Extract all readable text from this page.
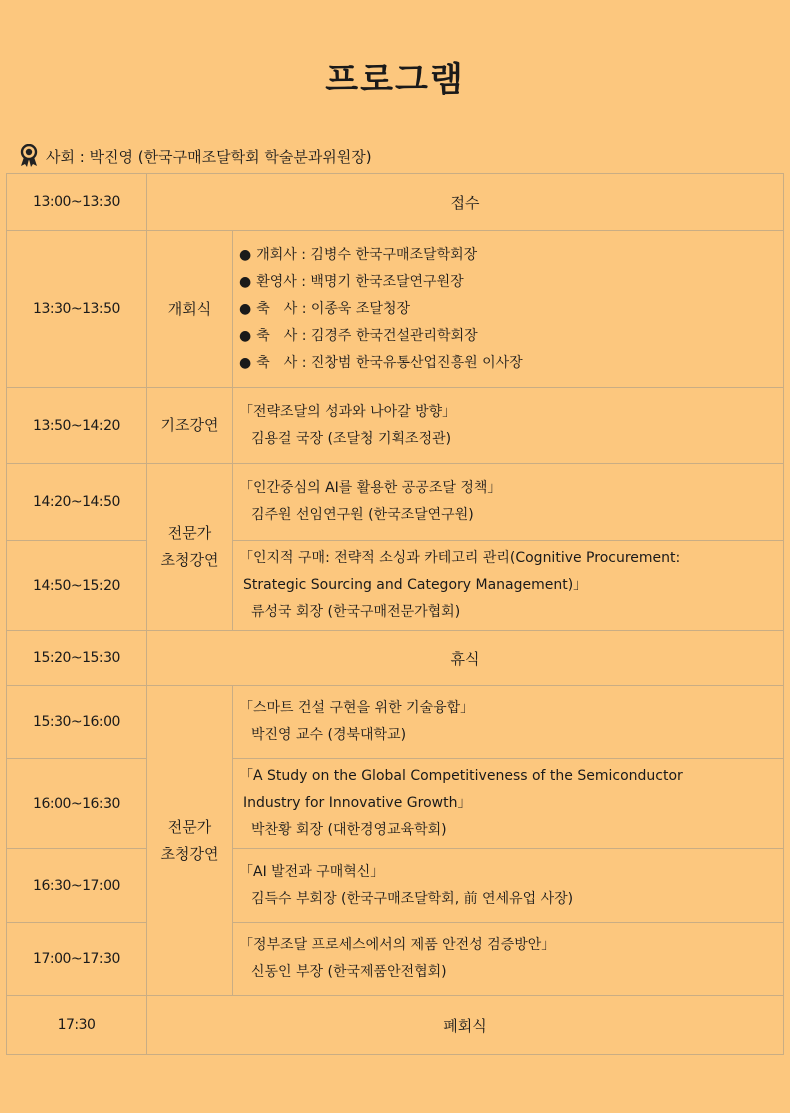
프로그램
사회 : 박진영 (한국구매조달학회 학술분과위원장)
13:00~13:30	접수	
13:30~13:50	개회식	● 개회사 : 김병수 한국구매조달학회장
● 환영사 : 백명기 한국조달연구원장
● 축　사 : 이종욱 조달청장
● 축　사 : 김경주 한국건설관리학회장
● 축　사 : 진창범 한국유통산업진흥원 이사장

13:50~14:20	기조강연	「전략조달의 성과와 나아갈 방향」
김용걸 국장 (조달청 기획조정관)

14:20~14:50	전문가
초청강연	「인간중심의 AI를 활용한 공공조달 정책」
김주원 선임연구원 (한국조달연구원)

14:50~15:20		「인지적 구매: 전략적 소싱과 카테고리 관리(Cognitive Procurement:
Strategic Sourcing and Category Management)」
류성국 회장 (한국구매전문가협회)

15:20~15:30	휴식	
15:30~16:00	전문가
초청강연	「스마트 건설 구현을 위한 기술융합」
박진영 교수 (경북대학교)

16:00~16:30		「A Study on the Global Competitiveness of the Semiconductor
Industry for Innovative Growth」
박찬황 회장 (대한경영교육학회)

16:30~17:00		「AI 발전과 구매혁신」
김득수 부회장 (한국구매조달학회, 前 연세유업 사장)

17:00~17:30		「정부조달 프로세스에서의 제품 안전성 검증방안」
신동인 부장 (한국제품안전협회)

17:30	폐회식	
